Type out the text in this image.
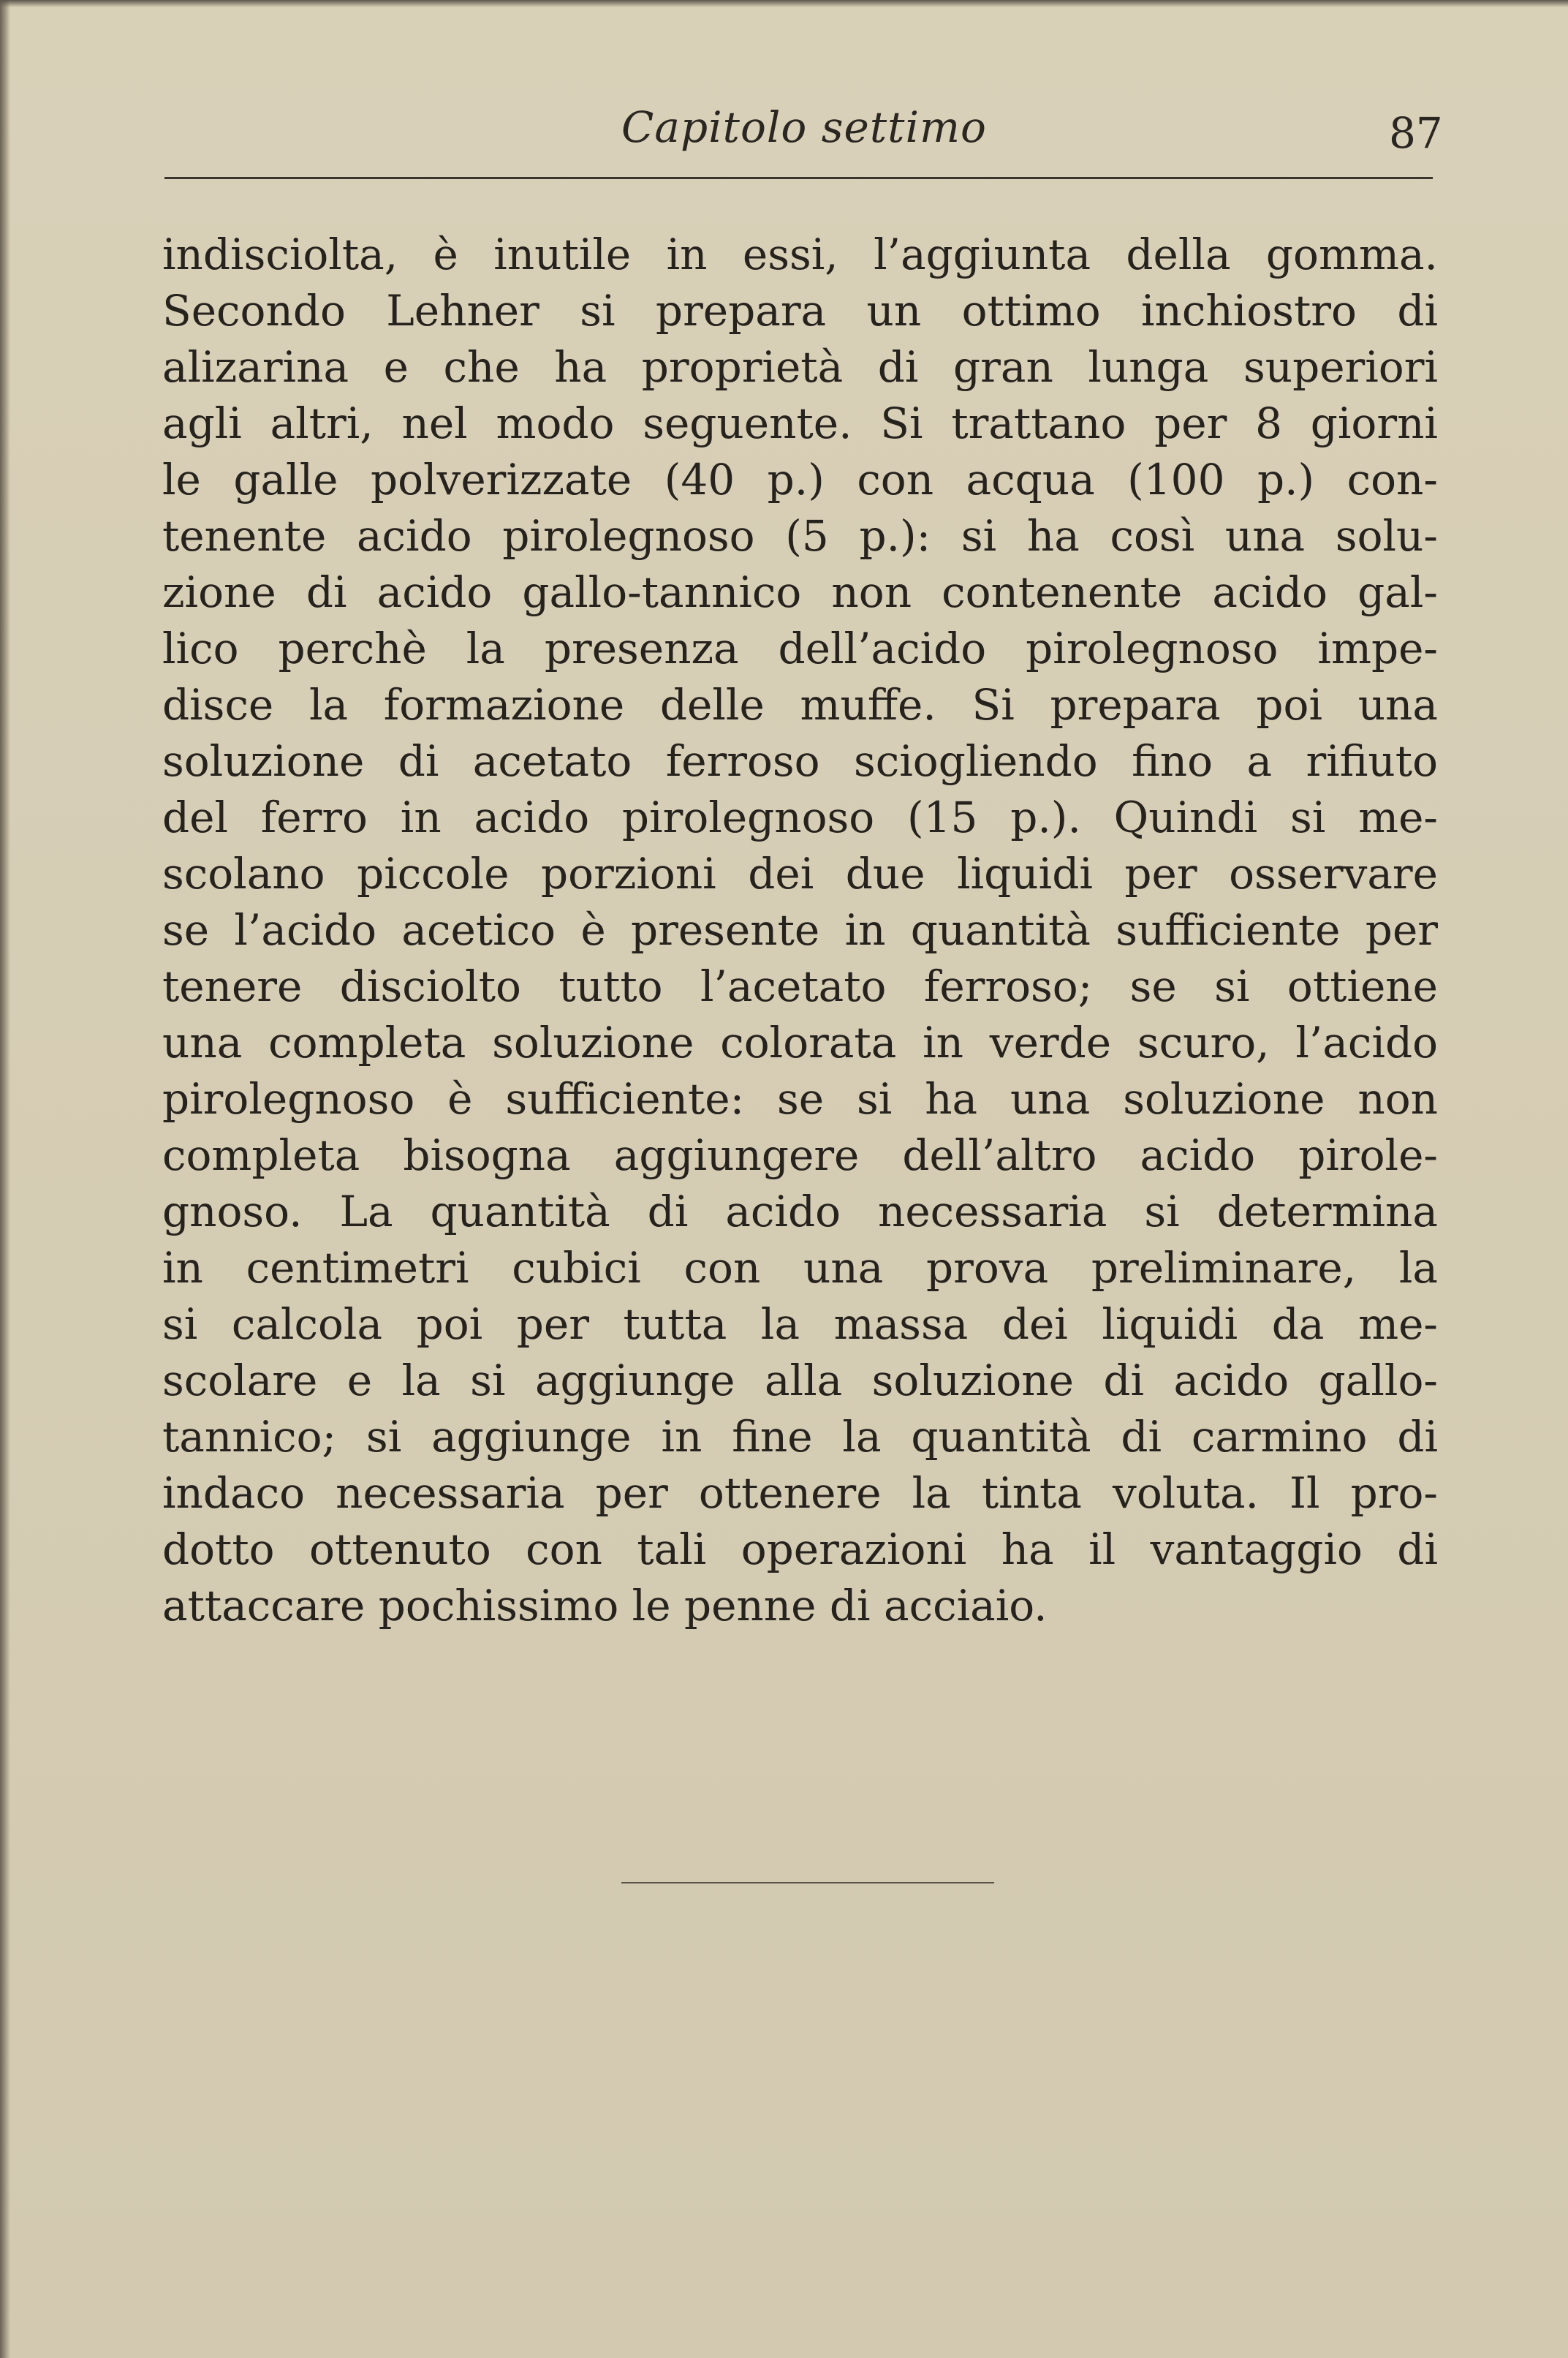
Capitolo settimo	87
indisciolta, è inutile in essi, l’aggiunta della gomma.
Secondo Lehner si prepara un ottimo inchiostro di
alizarina e che ha proprietà di gran lunga superiori
agli altri, nel modo seguente. Si trattano per 8 giorni
le galle polverizzate (40 p.) con acqua (100 p.) con-
tenente acido pirolegnoso (5 p.): si ha così una solu-
zione di acido gallo-tannico non contenente acido gal-
lico perchè la presenza dell’acido pirolegnoso impe-
disce la formazione delle muffe. Si prepara poi una
soluzione di acetato ferroso sciogliendo fino a rifiuto
del ferro in acido pirolegnoso (15 p.). Quindi si me-
scolano piccole porzioni dei due liquidi per osservare
se l’acido acetico è presente in quantità sufficiente per
tenere disciolto tutto l’acetato ferroso; se si ottiene
una completa soluzione colorata in verde scuro, l’acido
pirolegnoso è sufficiente: se si ha una soluzione non
completa bisogna aggiungere dell’altro acido pirole-
gnoso. La quantità di acido necessaria si determina
in centimetri cubici con una prova preliminare, la
si calcola poi per tutta la massa dei liquidi da me-
scolare e la si aggiunge alla soluzione di acido gallo-
tannico; si aggiunge in fine la quantità di carmino di
indaco necessaria per ottenere la tinta voluta. Il pro-
dotto ottenuto con tali operazioni ha il vantaggio di
attaccare pochissimo le penne di acciaio.
